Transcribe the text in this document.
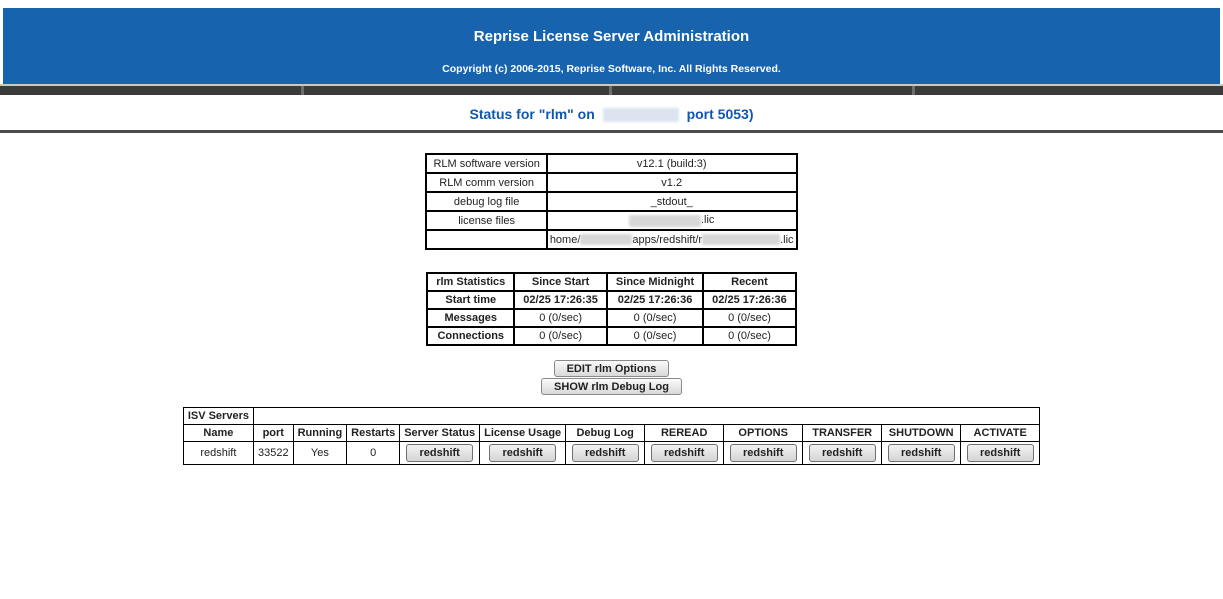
Reprise License Server Administration
Copyright (c) 2006-2015, Reprise Software, Inc. All Rights Reserved.
Status for "rlm" on	port 5053)
RLM software version	v12.1 (build:3)
RLM comm version	v1.2
debug log file	_stdout_
license files	.lic
	home/ apps/redshift/r .lic
rlm Statistics	Since Start	Since Midnight	Recent
Start time	02/25 17:26:35	02/25 17:26:36	02/25 17:26:36
Messages	0 (0/sec)	0 (0/sec)	0 (0/sec)
Connections	0 (0/sec)	0 (0/sec)	0 (0/sec)
EDIT rlm Options
SHOW rlm Debug Log
ISV Servers											
Name	port	Running	Restarts	Server Status	License Usage	Debug Log	REREAD	OPTIONS	TRANSFER	SHUTDOWN	ACTIVATE
redshift	33522	Yes	0	redshift	redshift	redshift	redshift	redshift	redshift	redshift	redshift
